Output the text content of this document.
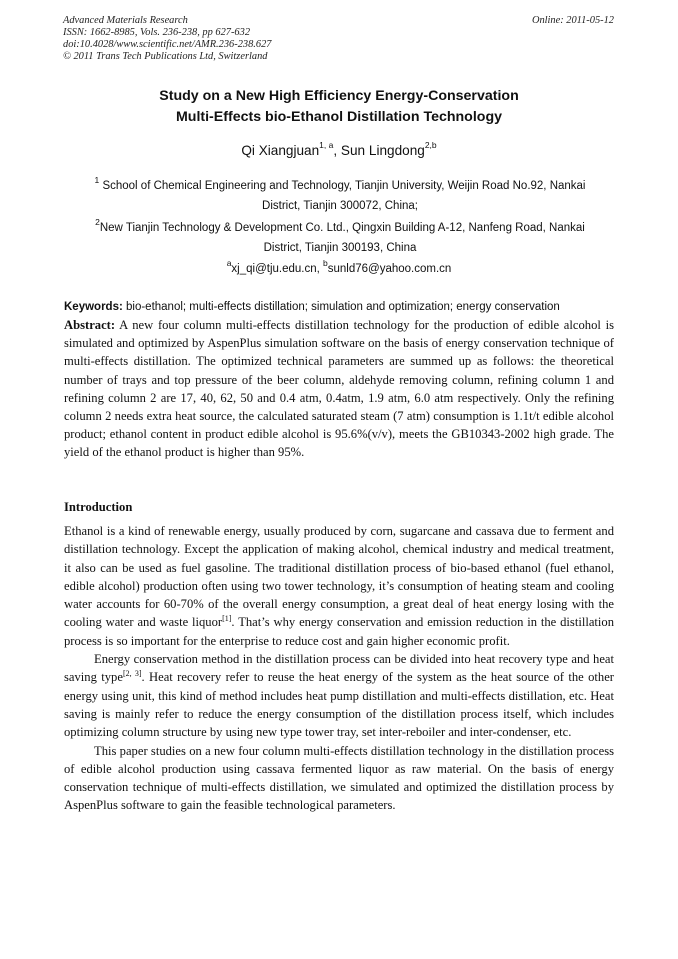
Advanced Materials Research
ISSN: 1662-8985, Vols. 236-238, pp 627-632
doi:10.4028/www.scientific.net/AMR.236-238.627
© 2011 Trans Tech Publications Ltd, Switzerland
Online: 2011-05-12
Study on a New High Efficiency Energy-Conservation
Multi-Effects bio-Ethanol Distillation Technology
Qi Xiangjuan$^{1, a}$, Sun Lingdong$^{2,b}$
$^1$ School of Chemical Engineering and Technology, Tianjin University, Weijin Road No.92, Nankai
District, Tianjin 300072, China;
$^2$New Tianjin Technology & Development Co. Ltd., Qingxin Building A-12, Nanfeng Road, Nankai
District, Tianjin 300193, China
$^a$xj_qi@tju.edu.cn, $^b$sunld76@yahoo.com.cn
Keywords: bio-ethanol; multi-effects distillation; simulation and optimization; energy conservation
Abstract: A new four column multi-effects distillation technology for the production of edible alcohol is simulated and optimized by AspenPlus simulation software on the basis of energy conservation technique of multi-effects distillation. The optimized technical parameters are summed up as follows: the theoretical number of trays and top pressure of the beer column, aldehyde removing column, refining column 1 and refining column 2 are 17, 40, 62, 50 and 0.4 atm, 0.4atm, 1.9 atm, 6.0 atm respectively. Only the refining column 2 needs extra heat source, the calculated saturated steam (7 atm) consumption is 1.1t/t edible alcohol product; ethanol content in product edible alcohol is 95.6%(v/v), meets the GB10343-2002 high grade. The yield of the ethanol product is higher than 95%.
Introduction

Ethanol is a kind of renewable energy, usually produced by corn, sugarcane and cassava due to ferment and distillation technology. Except the application of making alcohol, chemical industry and medical treatment, it also can be used as fuel gasoline. The traditional distillation process of bio-based ethanol (fuel ethanol, edible alcohol) production often using two tower technology, it’s consumption of heating steam and cooling water accounts for 60-70% of the overall energy consumption, a great deal of heat energy losing with the cooling water and waste liquor[1]. That’s why energy conservation and emission reduction in the distillation process is so important for the enterprise to reduce cost and gain higher economic profit.

Energy conservation method in the distillation process can be divided into heat recovery type and heat saving type[2, 3]. Heat recovery refer to reuse the heat energy of the system as the heat source of the other energy using unit, this kind of method includes heat pump distillation and multi-effects distillation, etc. Heat saving is mainly refer to reduce the energy consumption of the distillation process itself, which includes optimizing column structure by using new type tower tray, set inter-reboiler and inter-condenser, etc.

This paper studies on a new four column multi-effects distillation technology in the distillation process of edible alcohol production using cassava fermented liquor as raw material. On the basis of energy conservation technique of multi-effects distillation, we simulated and optimized the distillation process by AspenPlus software to gain the feasible technological parameters.
